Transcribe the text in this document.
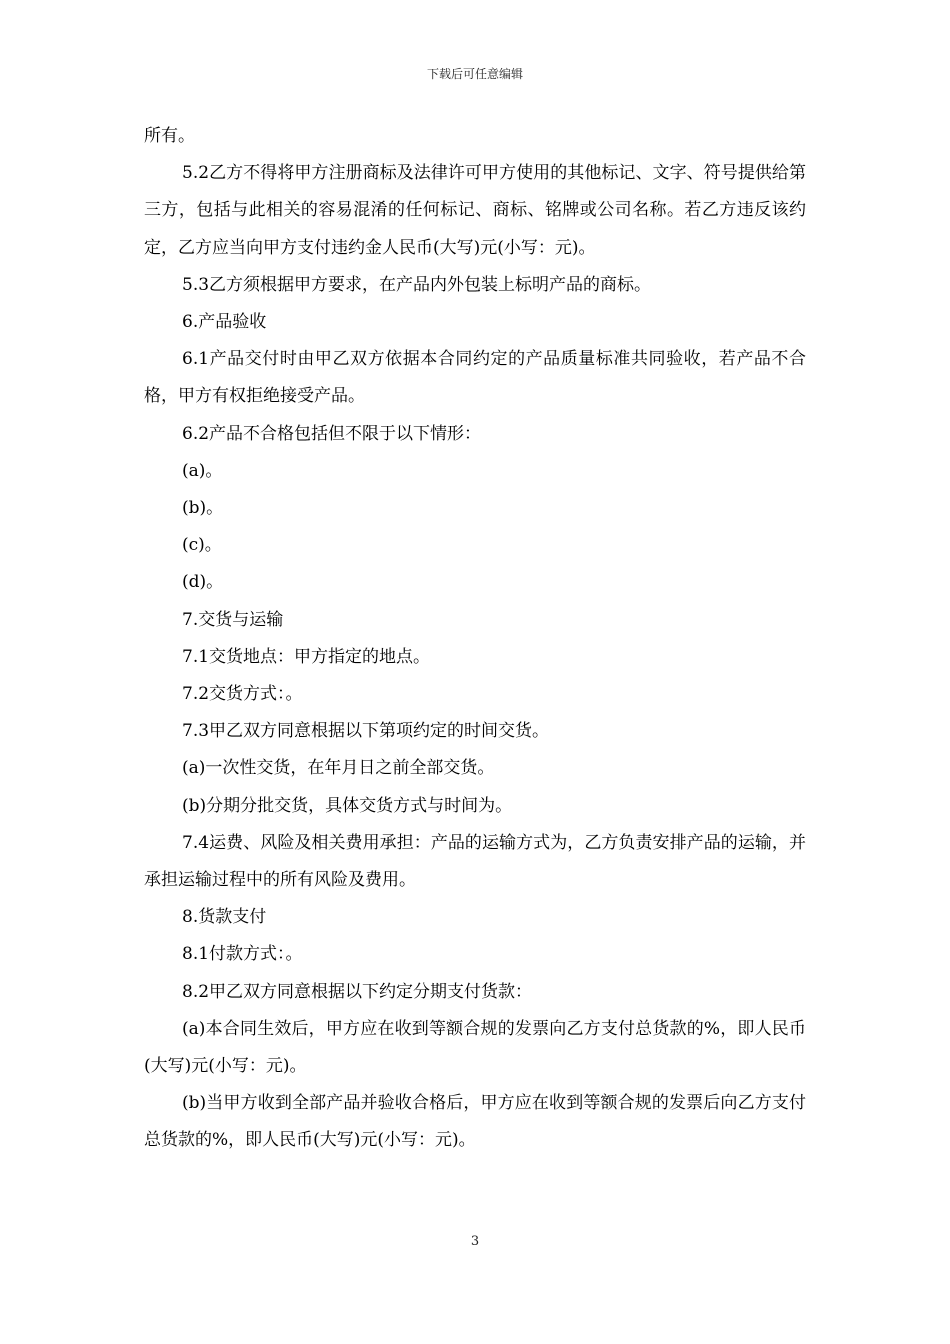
下载后可任意编辑

所有。

5.2乙方不得将甲方注册商标及法律许可甲方使用的其他标记、文字、符号提供给第三方，包括与此相关的容易混淆的任何标记、商标、铭牌或公司名称。若乙方违反该约定，乙方应当向甲方支付违约金人民币(大写)元(小写：元)。

5.3乙方须根据甲方要求，在产品内外包装上标明产品的商标。

6.产品验收

6.1产品交付时由甲乙双方依据本合同约定的产品质量标准共同验收，若产品不合格，甲方有权拒绝接受产品。

6.2产品不合格包括但不限于以下情形：

(a)。

(b)。

(c)。

(d)。

7.交货与运输

7.1交货地点：甲方指定的地点。

7.2交货方式：。

7.3甲乙双方同意根据以下第项约定的时间交货。

(a)一次性交货，在年月日之前全部交货。

(b)分期分批交货，具体交货方式与时间为。

7.4运费、风险及相关费用承担：产品的运输方式为，乙方负责安排产品的运输，并承担运输过程中的所有风险及费用。

8.货款支付

8.1付款方式：。

8.2甲乙双方同意根据以下约定分期支付货款：

(a)本合同生效后，甲方应在收到等额合规的发票向乙方支付总货款的%，即人民币(大写)元(小写：元)。

(b)当甲方收到全部产品并验收合格后，甲方应在收到等额合规的发票后向乙方支付总货款的%，即人民币(大写)元(小写：元)。

3
